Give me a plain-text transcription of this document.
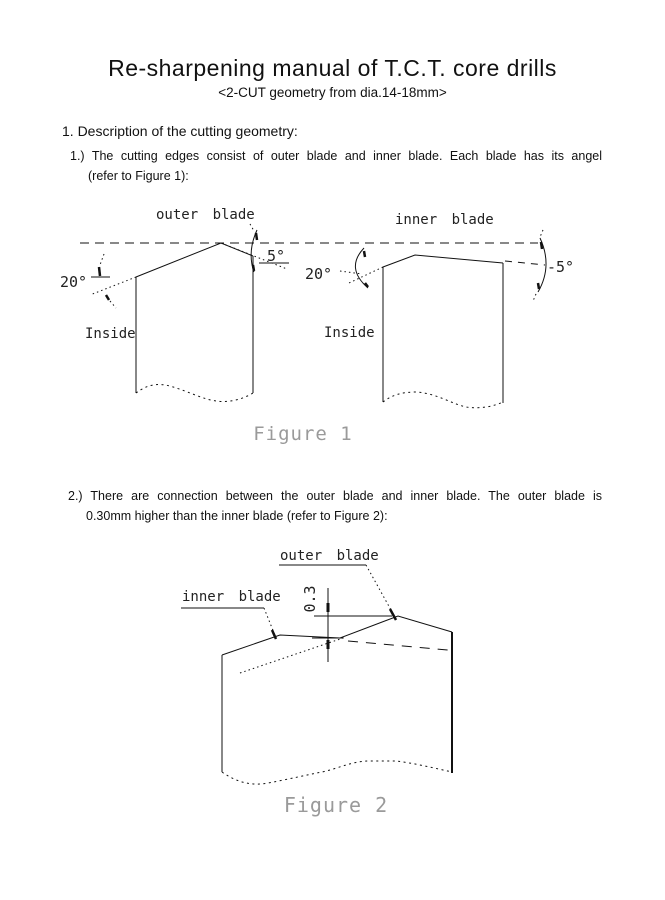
Re-sharpening manual of T.C.T. core drills
<2-CUT geometry from dia.14-18mm>
1. Description of the cutting geometry:
1.) The cutting edges consist of outer blade and inner blade. Each blade has its angel
(refer to Figure 1):
2.) There are connection between the outer blade and inner blade. The outer blade is
0.30mm higher than the inner blade (refer to Figure 2):
20°
5°
20°	-5°
outer blade	inner blade
Inside	Inside
Figure 1
outer blade
inner blade 0.3
Figure 2
